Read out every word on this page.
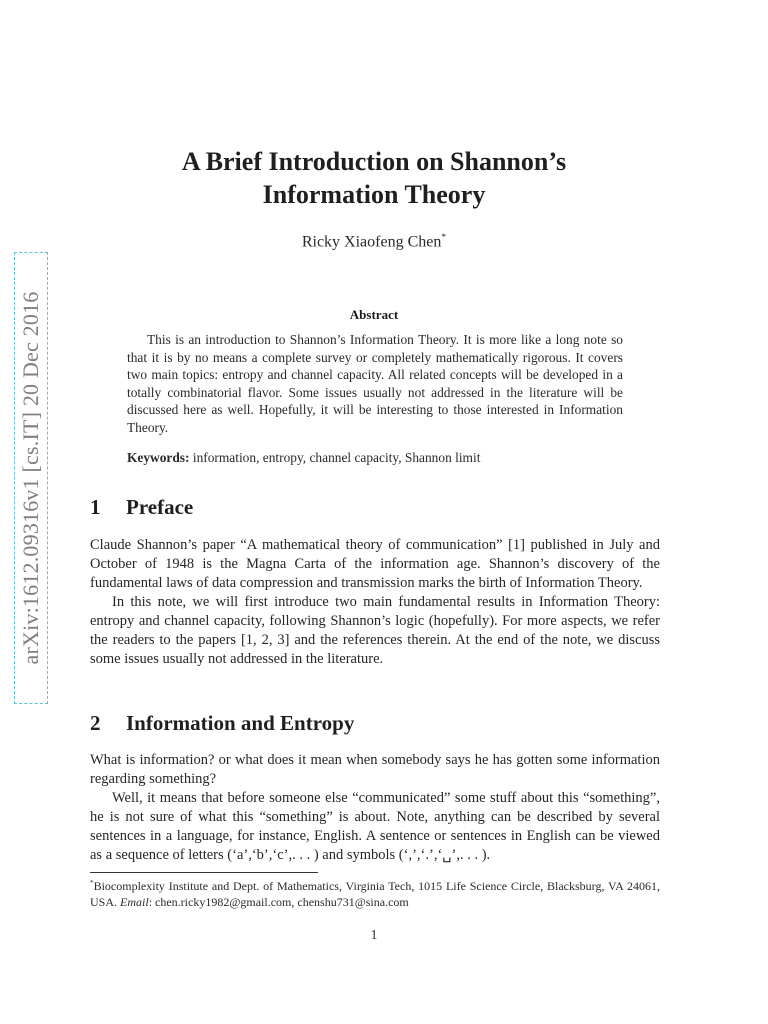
arXiv:1612.09316v1 [cs.IT] 20 Dec 2016
A Brief Introduction on Shannon’s
Information Theory
Ricky Xiaofeng Chen*
Abstract
This is an introduction to Shannon’s Information Theory. It is more like a long note so that it is by no means a complete survey or completely mathematically rigorous. It covers two main topics: entropy and channel capacity. All related concepts will be developed in a totally combinatorial flavor. Some issues usually not addressed in the literature will be discussed here as well. Hopefully, it will be interesting to those interested in Information Theory.
Keywords: information, entropy, channel capacity, Shannon limit
1 Preface

Claude Shannon’s paper “A mathematical theory of communication” [1] published in July and October of 1948 is the Magna Carta of the information age. Shannon’s discovery of the fundamental laws of data compression and transmission marks the birth of Information Theory.

In this note, we will first introduce two main fundamental results in Information Theory: entropy and channel capacity, following Shannon’s logic (hopefully). For more aspects, we refer the readers to the papers [1, 2, 3] and the references therein. At the end of the note, we discuss some issues usually not addressed in the literature.

2 Information and Entropy

What is information? or what does it mean when somebody says he has gotten some information regarding something?

Well, it means that before someone else “communicated” some stuff about this “something”, he is not sure of what this “something” is about. Note, anything can be described by several sentences in a language, for instance, English. A sentence or sentences in English can be viewed as a sequence of letters (‘a’,‘b’,‘c’,. . . ) and symbols (‘,’,‘.’,‘␣’,. . . ).

*Biocomplexity Institute and Dept. of Mathematics, Virginia Tech, 1015 Life Science Circle, Blacksburg, VA 24061, USA. Email: chen.ricky1982@gmail.com, chenshu731@sina.com
1
